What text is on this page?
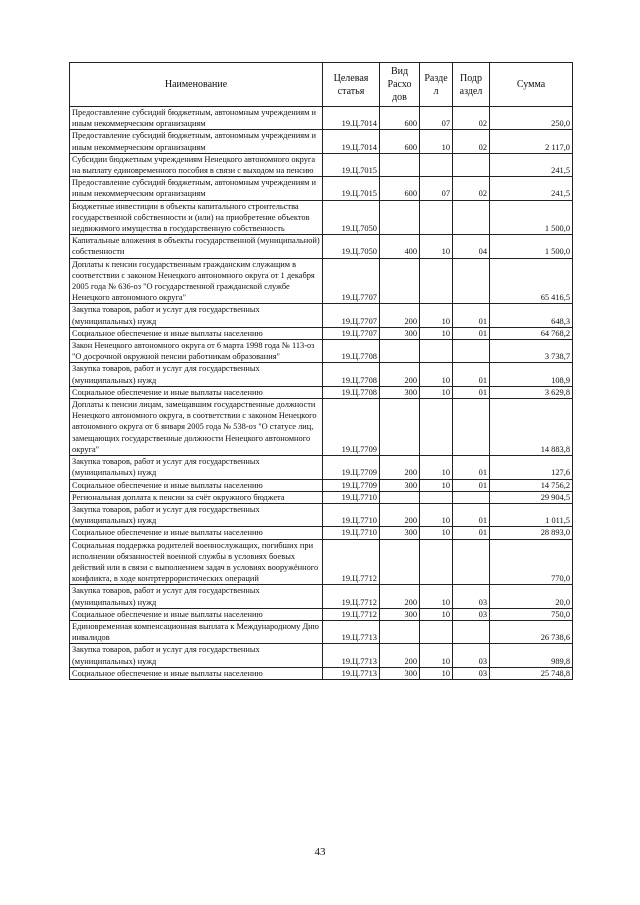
Наименование	Целевая статья	Вид Расхо дов	Разде л	Подр аздел	Сумма
Предоставление субсидий бюджетным, автономным учреждениям и иным некоммерческим организациям	19.Ц.7014	600	07	02	250,0
Предоставление субсидий бюджетным, автономным учреждениям и иным некоммерческим организациям	19.Ц.7014	600	10	02	2 117,0
Субсидии бюджетным учреждениям Ненецкого автономного округа на выплату единовременного пособия в связи с выходом на пенсию	19.Ц.7015				241,5
Предоставление субсидий бюджетным, автономным учреждениям и иным некоммерческим организациям	19.Ц.7015	600	07	02	241,5
Бюджетные инвестиции в объекты капитального строительства государственной собственности и (или) на приобретение объектов недвижимого имущества в государственную собственность	19.Ц.7050				1 500,0
Капитальные вложения в объекты государственной (муниципальной) собственности	19.Ц.7050	400	10	04	1 500,0
Доплаты к пенсии государственным гражданским служащим в соответствии с законом Ненецкого автономного округа от 1 декабря 2005 года № 636-оз "О государственной гражданской службе Ненецкого автономного округа"	19.Ц.7707				65 416,5
Закупка товаров, работ и услуг для государственных (муниципальных) нужд	19.Ц.7707	200	10	01	648,3
Социальное обеспечение и иные выплаты населению	19.Ц.7707	300	10	01	64 768,2
Закон Ненецкого автономного округа от 6 марта 1998 года № 113-оз "О досрочной окружной пенсии работникам образования"	19.Ц.7708				3 738,7
Закупка товаров, работ и услуг для государственных (муниципальных) нужд	19.Ц.7708	200	10	01	108,9
Социальное обеспечение и иные выплаты населению	19.Ц.7708	300	10	01	3 629,8
Доплаты к пенсии лицам, замещавшим государственные должности Ненецкого автономного округа, в соответствии с законом Ненецкого автономного округа от 6 января 2005 года № 538-оз "О статусе лиц, замещающих государственные должности Ненецкого автономного округа"	19.Ц.7709				14 883,8
Закупка товаров, работ и услуг для государственных (муниципальных) нужд	19.Ц.7709	200	10	01	127,6
Социальное обеспечение и иные выплаты населению	19.Ц.7709	300	10	01	14 756,2
Региональная доплата к пенсии за счёт окружного бюджета	19.Ц.7710				29 904,5
Закупка товаров, работ и услуг для государственных (муниципальных) нужд	19.Ц.7710	200	10	01	1 011,5
Социальное обеспечение и иные выплаты населению	19.Ц.7710	300	10	01	28 893,0
Социальная поддержка родителей военнослужащих, погибших при исполнении обязанностей военной службы в условиях боевых действий или в связи с выполнением задач в условиях вооружённого конфликта, в ходе контртеррористических операций	19.Ц.7712				770,0
Закупка товаров, работ и услуг для государственных (муниципальных) нужд	19.Ц.7712	200	10	03	20,0
Социальное обеспечение и иные выплаты населению	19.Ц.7712	300	10	03	750,0
Единовременная компенсационная выплата к Международному Дню инвалидов	19.Ц.7713				26 738,6
Закупка товаров, работ и услуг для государственных (муниципальных) нужд	19.Ц.7713	200	10	03	989,8
Социальное обеспечение и иные выплаты населению	19.Ц.7713	300	10	03	25 748,8
43
